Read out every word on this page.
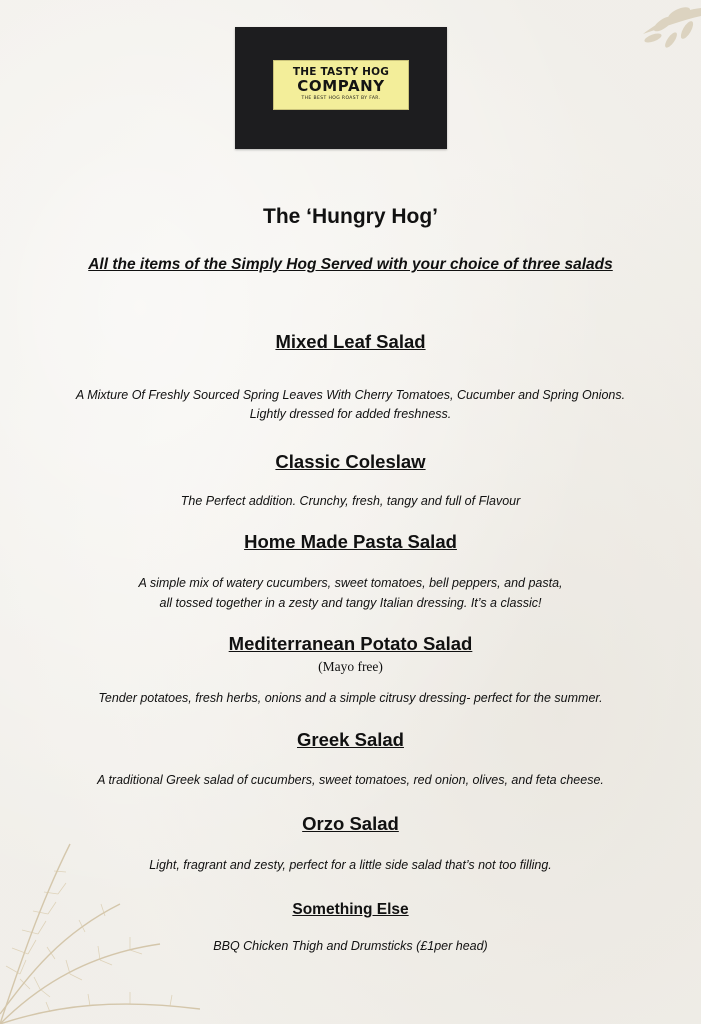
THE TASTY HOG
COMPANY
THE BEST HOG ROAST BY FAR.
The ‘Hungry Hog’

All the items of the Simply Hog Served with your choice of three salads

Mixed Leaf Salad

A Mixture Of Freshly Sourced Spring Leaves With Cherry Tomatoes, Cucumber and Spring Onions.

Lightly dressed for added freshness.

Classic Coleslaw

The Perfect addition. Crunchy, fresh, tangy and full of Flavour

Home Made Pasta Salad

A simple mix of watery cucumbers, sweet tomatoes, bell peppers, and pasta,

all tossed together in a zesty and tangy Italian dressing. It’s a classic!

Mediterranean Potato Salad

(Mayo free)

Tender potatoes, fresh herbs, onions and a simple citrusy dressing- perfect for the summer.

Greek Salad

A traditional Greek salad of cucumbers, sweet tomatoes, red onion, olives, and feta cheese.

Orzo Salad

Light, fragrant and zesty, perfect for a little side salad that’s not too filling.

Something Else

BBQ Chicken Thigh and Drumsticks (£1per head)
